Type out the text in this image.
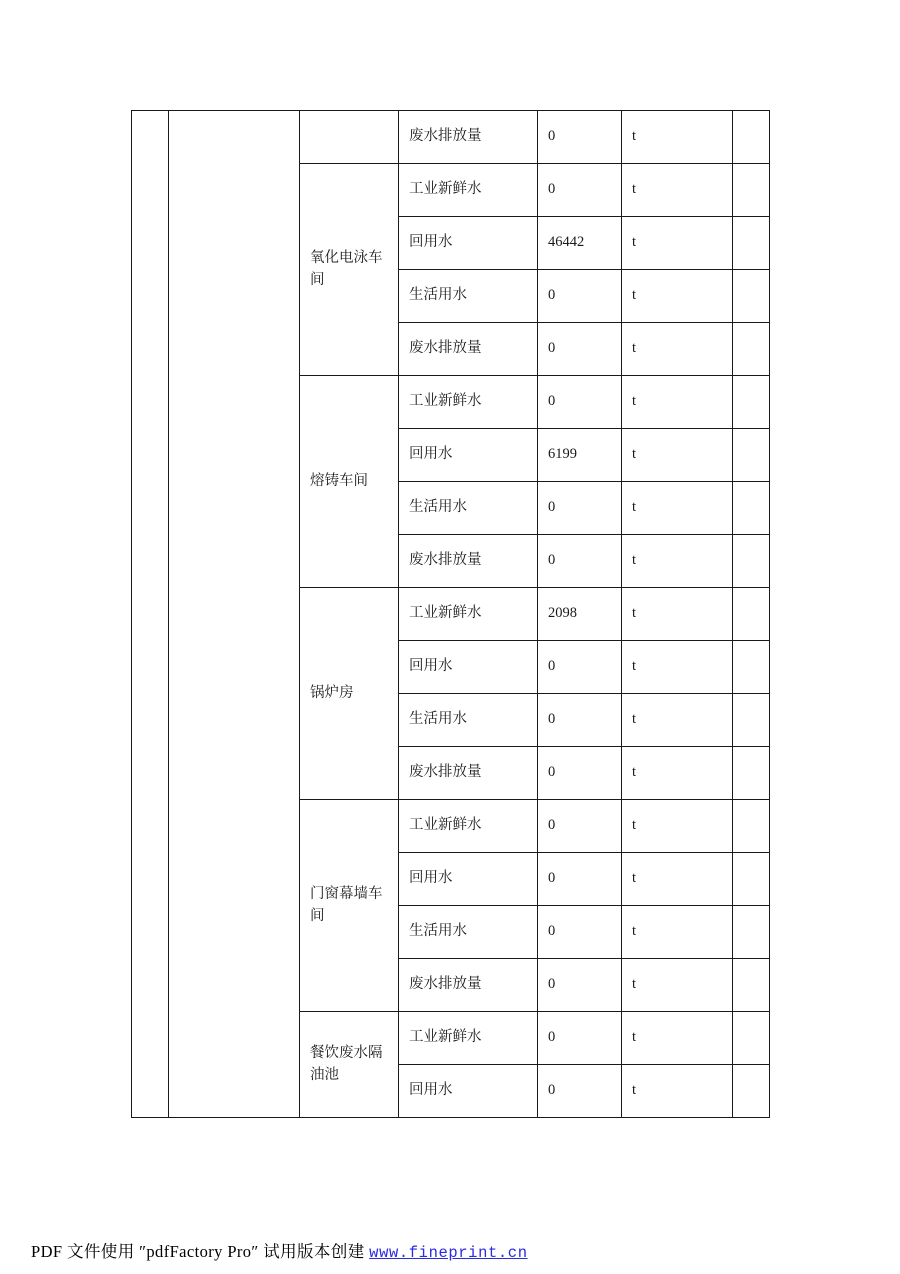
			废水排放量	0	t	
		氧化电泳车间	工业新鲜水	0	t	
			回用水	46442	t	
			生活用水	0	t	
			废水排放量	0	t	
		熔铸车间	工业新鲜水	0	t	
			回用水	6199	t	
			生活用水	0	t	
			废水排放量	0	t	
		锅炉房	工业新鲜水	2098	t	
			回用水	0	t	
			生活用水	0	t	
			废水排放量	0	t	
		门窗幕墙车间	工业新鲜水	0	t	
			回用水	0	t	
			生活用水	0	t	
			废水排放量	0	t	
		餐饮废水隔油池	工业新鲜水	0	t	
			回用水	0	t	
PDF 文件使用 ″pdfFactory Pro″ 试用版本创建 www.fineprint.cn
